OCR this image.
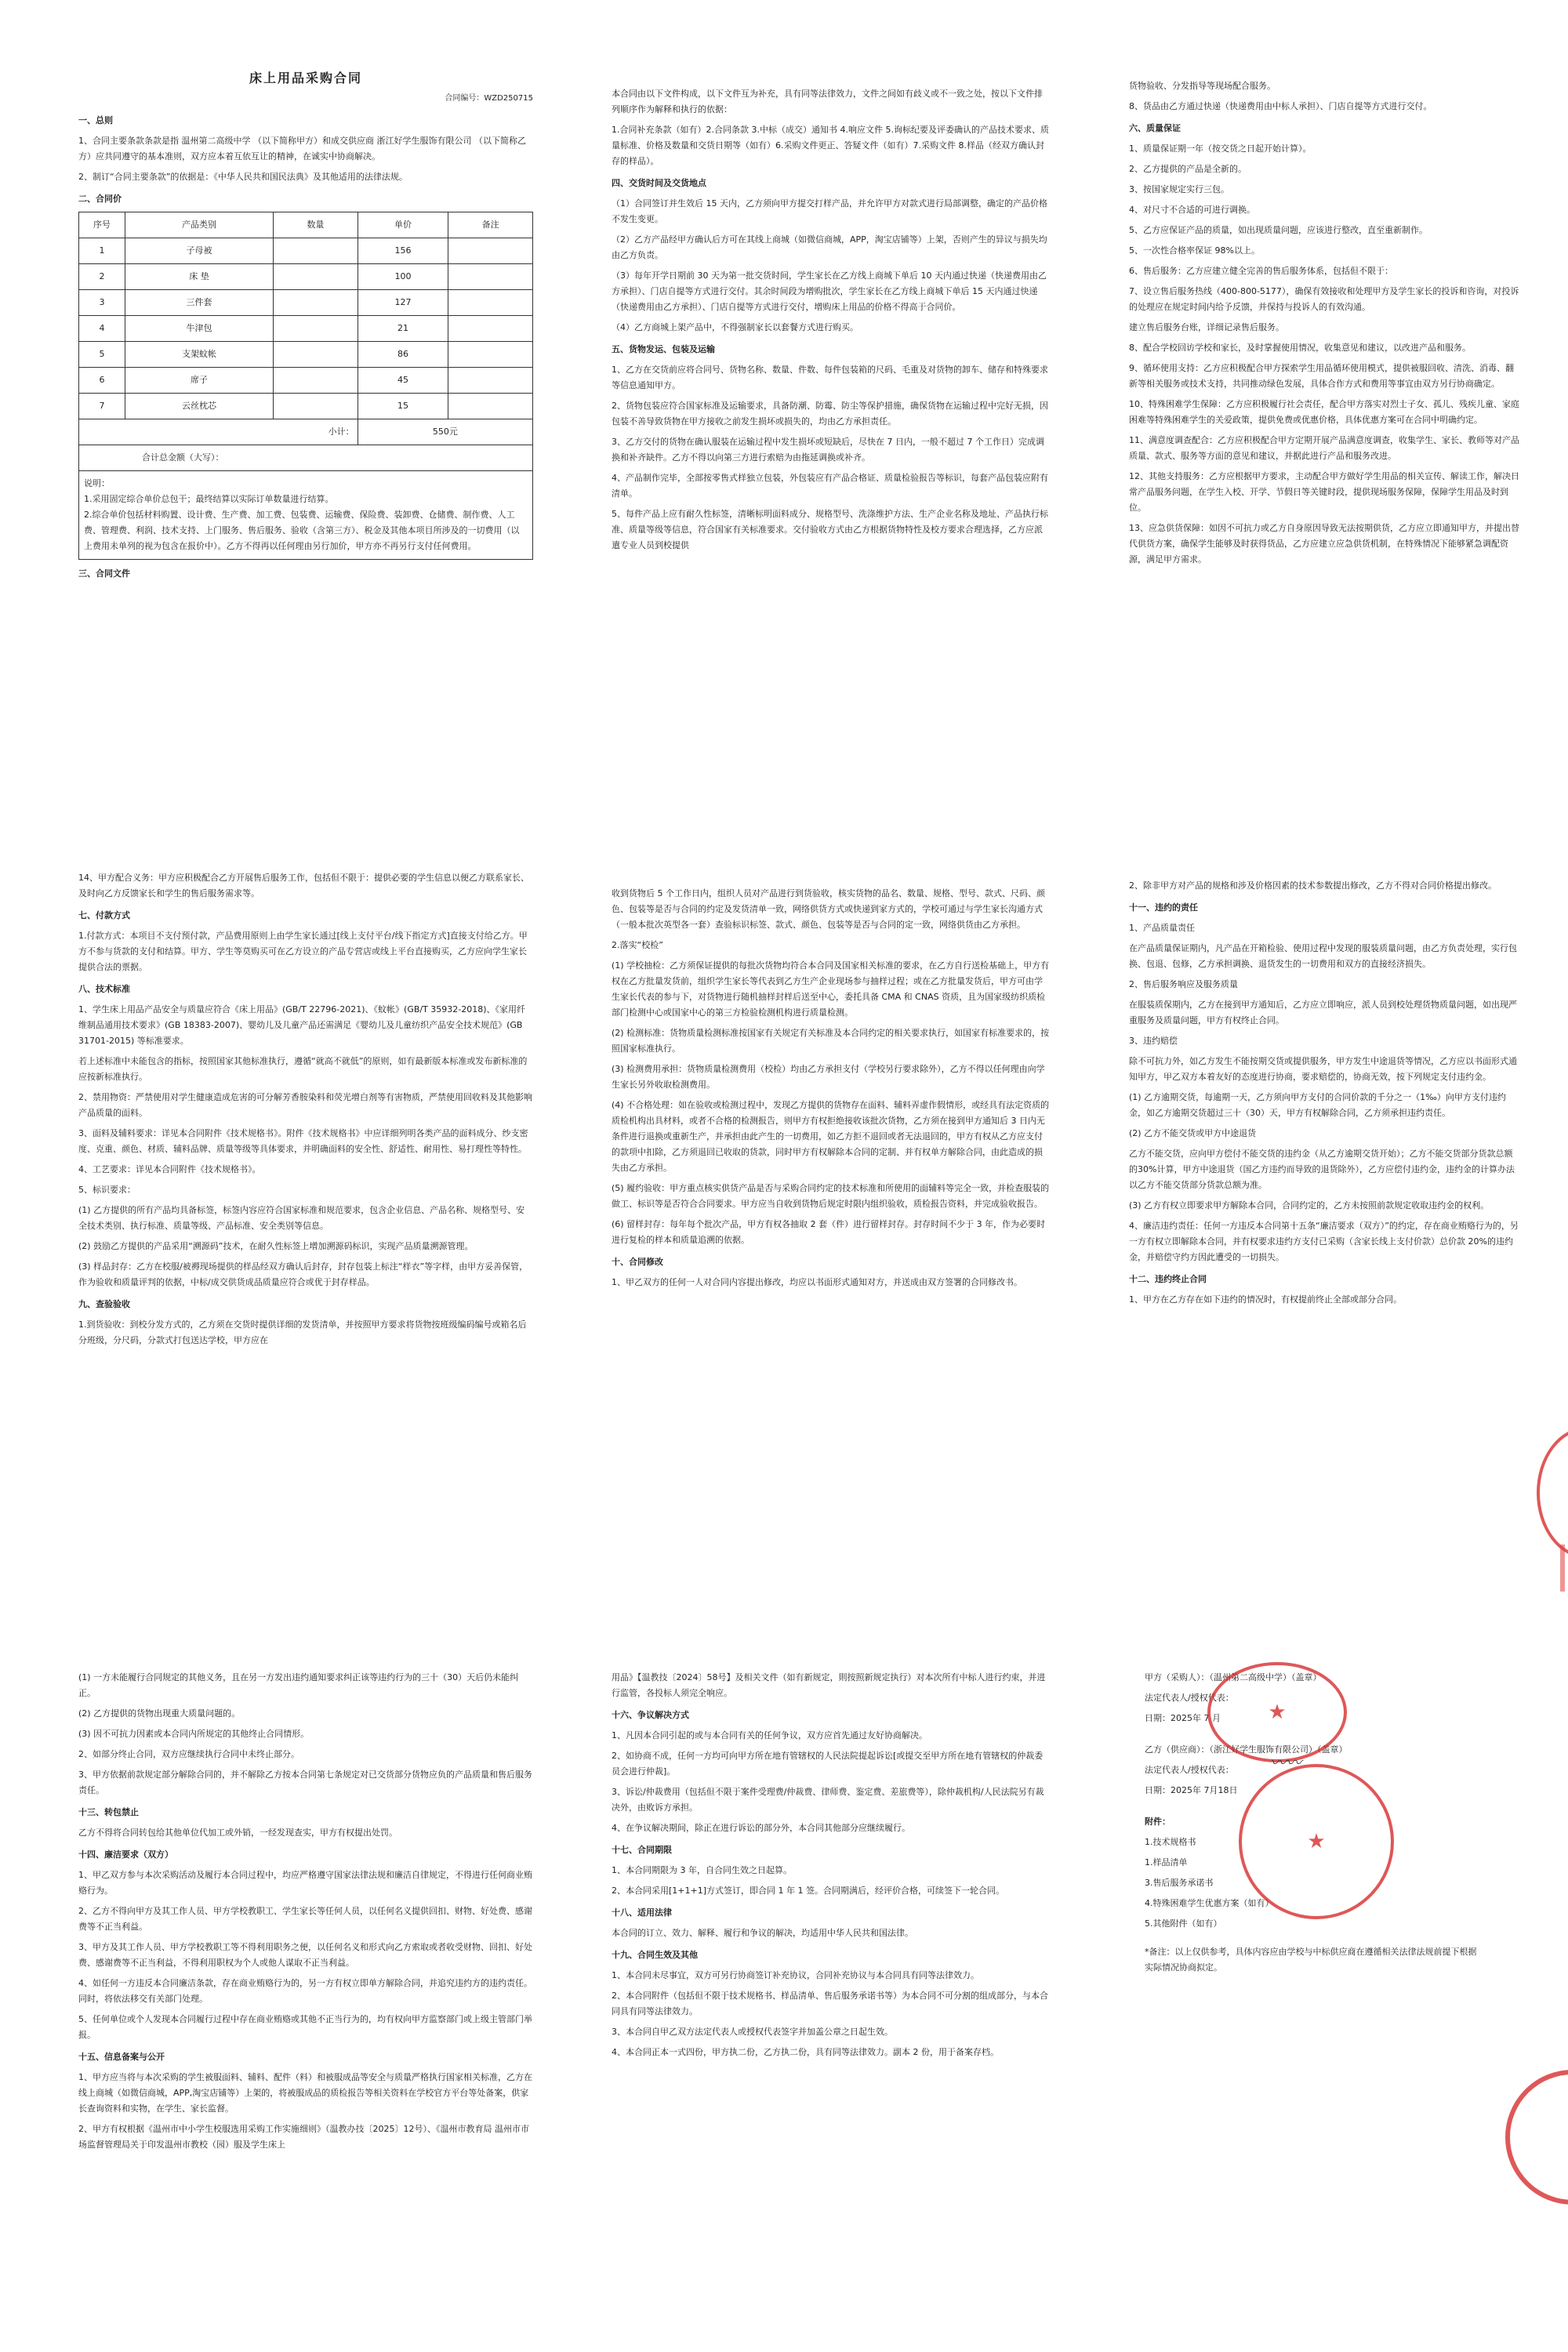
床上用品采购合同

合同编号：WZD250715

一、总则

1、合同主要条款条款是指 温州第二高级中学 （以下简称甲方）和成交供应商 浙江好学生服饰有限公司 （以下简称乙方）应共同遵守的基本准则，双方应本着互依互让的精神，在诚实中协商解决。

2、制订“合同主要条款”的依据是：《中华人民共和国民法典》及其他适用的法律法规。

二、合同价

序号	产品类别	数量	单价	备注
1	子母被		156	
2	床 垫		100	
3	三件套		127	
4	牛津包		21	
5	支架蚊帐		86	
6	席子		45	
7	云丝枕芯		15	
小计：			550元	
合计总金额（大写）：				

说明：
1.采用固定综合单价总包干；最终结算以实际订单数量进行结算。
2.综合单价包括材料购置、设计费、生产费、加工费、包装费、运输费、保险费、装卸费、仓储费、制作费、人工费、管理费、利润、技术支持、上门服务、售后服务、验收（含第三方）、税金及其他本项目所涉及的一切费用（以上费用未单列的视为包含在报价中）。乙方不得再以任何理由另行加价，甲方亦不再另行支付任何费用。				

三、合同文件

本合同由以下文件构成，以下文件互为补充，具有同等法律效力，文件之间如有歧义或不一致之处，按以下文件排列顺序作为解释和执行的依据：

1.合同补充条款（如有）2.合同条款 3.中标（成交）通知书 4.响应文件 5.询标纪要及评委确认的产品技术要求、质量标准、价格及数量和交货日期等（如有）6.采购文件更正、答疑文件（如有）7.采购文件 8.样品（经双方确认封存的样品）。

四、交货时间及交货地点

（1）合同签订并生效后 15 天内，乙方须向甲方提交打样产品，并允许甲方对款式进行局部调整，确定的产品价格不发生变更。

（2）乙方产品经甲方确认后方可在其线上商城（如微信商城，APP，淘宝店铺等）上架，否则产生的异议与损失均由乙方负责。

（3）每年开学日期前 30 天为第一批交货时间，学生家长在乙方线上商城下单后 10 天内通过快递（快递费用由乙方承担）、门店自提等方式进行交付。其余时间段为增购批次，学生家长在乙方线上商城下单后 15 天内通过快递（快递费用由乙方承担）、门店自提等方式进行交付，增购床上用品的价格不得高于合同价。

（4）乙方商城上架产品中，不得强制家长以套餐方式进行购买。

五、货物发运、包装及运输

1、乙方在交货前应将合同号、货物名称、数量、件数、每件包装箱的尺码、毛重及对货物的卸车、储存和特殊要求等信息通知甲方。

2、货物包装应符合国家标准及运输要求，具备防潮、防霉、防尘等保护措施，确保货物在运输过程中完好无损，因包装不善导致货物在甲方接收之前发生损坏或损失的，均由乙方承担责任。

3、乙方交付的货物在确认服装在运输过程中发生损坏或短缺后，尽快在 7 日内，一般不超过 7 个工作日）完成调换和补齐缺件。乙方不得以向第三方进行索赔为由拖延调换或补齐。

4、产品制作完毕，全部按零售式样独立包装，外包装应有产品合格证、质量检验报告等标识，每套产品包装应附有清单。

5、每件产品上应有耐久性标签，清晰标明面料成分、规格型号、洗涤维护方法、生产企业名称及地址、产品执行标准、质量等级等信息，符合国家有关标准要求。交付验收方式由乙方根据货物特性及校方要求合理选择，乙方应派遣专业人员到校提供

货物验收、分发指导等现场配合服务。

8、货品由乙方通过快递（快递费用由中标人承担）、门店自提等方式进行交付。

六、质量保证

1、质量保证期一年（按交货之日起开始计算）。

2、乙方提供的产品是全新的。

3、按国家规定实行三包。

4、对尺寸不合适的可进行调换。

5、乙方应保证产品的质量，如出现质量问题，应该进行整改，直至重新制作。

5、一次性合格率保证 98%以上。

6、售后服务：乙方应建立健全完善的售后服务体系，包括但不限于：

7、设立售后服务热线（400-800-5177），确保有效接收和处理甲方及学生家长的投诉和咨询，对投诉的处理应在规定时间内给予反馈，并保持与投诉人的有效沟通。

建立售后服务台账，详细记录售后服务。

8、配合学校回访学校和家长，及时掌握使用情况，收集意见和建议，以改进产品和服务。

9、循环使用支持：乙方应积极配合甲方探索学生用品循环使用模式，提供被服回收、清洗、消毒、翻新等相关服务或技术支持，共同推动绿色发展，具体合作方式和费用等事宜由双方另行协商确定。

10、特殊困难学生保障：乙方应积极履行社会责任，配合甲方落实对烈士子女、孤儿、残疾儿童、家庭困难等特殊困难学生的关爱政策，提供免费或优惠价格，具体优惠方案可在合同中明确约定。

11、满意度调查配合：乙方应积极配合甲方定期开展产品满意度调查，收集学生、家长、教师等对产品质量、款式、服务等方面的意见和建议，并据此进行产品和服务改进。

12、其他支持服务：乙方应根据甲方要求，主动配合甲方做好学生用品的相关宣传、解读工作，解决日常产品服务问题，在学生入校、开学、节假日等关键时段，提供现场服务保障，保障学生用品及时到位。

13、应急供货保障：如因不可抗力或乙方自身原因导致无法按期供货，乙方应立即通知甲方，并提出替代供货方案，确保学生能够及时获得货品，乙方应建立应急供货机制，在特殊情况下能够紧急调配资源，满足甲方需求。

14、甲方配合义务：甲方应积极配合乙方开展售后服务工作，包括但不限于：提供必要的学生信息以便乙方联系家长、及时向乙方反馈家长和学生的售后服务需求等。

七、付款方式

1.付款方式：本项目不支付预付款，产品费用原则上由学生家长通过[线上支付平台/线下指定方式]直接支付给乙方。甲方不参与货款的支付和结算。甲方、学生等莫购买可在乙方设立的产品专营店或线上平台直接购买，乙方应向学生家长提供合法的票据。

八、技术标准

1、学生床上用品产品安全与质量应符合《床上用品》(GB/T 22796-2021)、《蚊帐》(GB/T 35932-2018)、《家用纤维制品通用技术要求》(GB 18383-2007)、婴幼儿及儿童产品还需满足《婴幼儿及儿童纺织产品安全技术规范》(GB 31701-2015) 等标准要求。

若上述标准中未能包含的指标，按照国家其他标准执行，遵循“就高不就低”的原则，如有最新版本标准或发布新标准的应按新标准执行。

2、禁用物资：严禁使用对学生健康造成危害的可分解芳香胺染料和荧光增白剂等有害物质，严禁使用回收料及其他影响产品质量的面料。

3、面料及辅料要求：详见本合同附件《技术规格书》。附件《技术规格书》中应详细列明各类产品的面料成分、纱支密度、克重、颜色、材质、辅料品牌、质量等级等具体要求，并明确面料的安全性、舒适性、耐用性、易打理性等特性。

4、工艺要求：详见本合同附件《技术规格书》。

5、标识要求：

(1) 乙方提供的所有产品均具备标签，标签内容应符合国家标准和规范要求，包含企业信息、产品名称、规格型号、安全技术类别、执行标准、质量等级、产品标准、安全类别等信息。

(2) 鼓励乙方提供的产品采用“溯源码”技术，在耐久性标签上增加溯源码标识，实现产品质量溯源管理。

(3) 样品封存：乙方在校服/被褥现场提供的样品经双方确认后封存，封存包装上标注“样衣”等字样，由甲方妥善保管，作为验收和质量评判的依据，中标/成交供货成品质量应符合或优于封存样品。

九、查验验收

1.到货验收：到校分发方式的，乙方须在交货时提供详细的发货清单，并按照甲方要求将货物按班级编码编号或箱名后分班级，分尺码，分款式打包送达学校，甲方应在

收到货物后 5 个工作日内，组织人员对产品进行到货验收，核实货物的品名、数量、规格、型号、款式、尺码、颜色、包装等是否与合同的约定及发货清单一致，网络供货方式或快递到家方式的，学校可通过与学生家长沟通方式（一般本批次英型各一套）查验标识标签、款式、颜色、包装等是否与合同的定一致，网络供货由乙方承担。

2.落实“校检”

(1) 学校抽检：乙方须保证提供的每批次货物均符合本合同及国家相关标准的要求，在乙方自行送检基础上，甲方有权在乙方批量发货前，组织学生家长等代表到乙方生产企业现场参与抽样过程；或在乙方批量发货后，甲方可由学生家长代表的参与下，对货物进行随机抽样封样后送至中心，委托具备 CMA 和 CNAS 资质，且为国家级纺织质检部门检测中心或国家中心的第三方检验检测机构进行质量检测。

(2) 检测标准：货物质量检测标准按国家有关规定有关标准及本合同约定的相关要求执行，如国家有标准要求的，按照国家标准执行。

(3) 检测费用承担：货物质量检测费用（校检）均由乙方承担支付（学校另行要求除外），乙方不得以任何理由向学生家长另外收取检测费用。

(4) 不合格处理：如在验收或检测过程中，发现乙方提供的货物存在面料、辅料弄虚作假情形，或经具有法定资质的质检机构出具材料，或者不合格的检测报告，则甲方有权拒绝接收该批次货物，乙方须在接到甲方通知后 3 日内无条件进行退换或重新生产，并承担由此产生的一切费用，如乙方拒不退回或者无法退回的，甲方有权从乙方应支付的款项中扣除，乙方须退回已收取的货款，同时甲方有权解除本合同的定制、并有权单方解除合同，由此造成的损失由乙方承担。

(5) 履约验收：甲方重点核实供货产品是否与采购合同约定的技术标准和所使用的面辅料等完全一致，并检查服装的做工、标识等是否符合合同要求。甲方应当自收到货物后规定时限内组织验收，质检报告资料，并完成验收报告。

(6) 留样封存：每年每个批次产品，甲方有权各抽取 2 套（件）进行留样封存。封存时间不少于 3 年，作为必要时进行复检的样本和质量追溯的依据。

十、合同修改

1、甲乙双方的任何一人对合同内容提出修改，均应以书面形式通知对方，并送成由双方签署的合同修改书。

2、除非甲方对产品的规格和涉及价格因素的技术参数提出修改，乙方不得对合同价格提出修改。

十一、违约的责任

1、产品质量责任

在产品质量保证期内，凡产品在开箱检验、使用过程中发现的服装质量问题，由乙方负责处理，实行包换、包退、包修，乙方承担调换、退货发生的一切费用和双方的直接经济损失。

2、售后服务响应及服务质量

在服装质保期内，乙方在接到甲方通知后，乙方应立即响应，派人员到校处理货物质量问题，如出现严重服务及质量问题，甲方有权终止合同。

3、违约赔偿

除不可抗力外，如乙方发生不能按期交货或提供服务，甲方发生中途退货等情况，乙方应以书面形式通知甲方，甲乙双方本着友好的态度进行协商，要求赔偿的，协商无效，按下列规定支付违约金。

(1) 乙方逾期交货，每逾期一天，乙方须向甲方支付的合同价款的千分之一（1‰）向甲方支付违约金，如乙方逾期交货超过三十（30）天，甲方有权解除合同，乙方须承担违约责任。

(2) 乙方不能交货或甲方中途退货

乙方不能交货，应向甲方偿付不能交货的违约金（从乙方逾期交货开始）；乙方不能交货部分货款总额的30%计算，甲方中途退货（国乙方违约而导致的退货除外），乙方应偿付违约金，违约金的计算办法以乙方不能交货部分货款总额为准。

(3) 乙方有权立即要求甲方解除本合同，合同约定的，乙方未按照前款规定收取违约金的权利。

4、廉洁违约责任：任何一方违反本合同第十五条“廉洁要求（双方）”的约定，存在商业贿赂行为的，另一方有权立即解除本合同，并有权要求违约方支付已采购（含家长线上支付价款）总价款 20%的违约金，并赔偿守约方因此遭受的一切损失。

十二、违约终止合同

1、甲方在乙方存在如下违约的情况时，有权提前终止全部或部分合同。

(1) 一方未能履行合同规定的其他义务，且在另一方发出违约通知要求纠正该等违约行为的三十（30）天后仍未能纠正。

(2) 乙方提供的货物出现重大质量问题的。

(3) 因不可抗力因素或本合同内所规定的其他终止合同情形。

2、如部分终止合同，双方应继续执行合同中未终止部分。

3、甲方依据前款规定部分解除合同的，并不解除乙方按本合同第七条规定对已交货部分货物应负的产品质量和售后服务责任。

十三、转包禁止

乙方不得将合同转包给其他单位代加工或外销，一经发现查实，甲方有权提出处罚。

十四、廉洁要求（双方）

1、甲乙双方参与本次采购活动及履行本合同过程中，均应严格遵守国家法律法规和廉洁自律规定，不得进行任何商业贿赂行为。

2、乙方不得向甲方及其工作人员、甲方学校教职工、学生家长等任何人员，以任何名义提供回扣、财物、好处费、感谢费等不正当利益。

3、甲方及其工作人员、甲方学校教职工等不得利用职务之便，以任何名义和形式向乙方索取或者收受财物、回扣、好处费、感谢费等不正当利益，不得利用职权为个人或他人谋取不正当利益。

4、如任何一方违反本合同廉洁条款，存在商业贿赂行为的，另一方有权立即单方解除合同，并追究违约方的违约责任。同时，将依法移交有关部门处理。

5、任何单位或个人发现本合同履行过程中存在商业贿赂或其他不正当行为的，均有权向甲方监察部门或上级主管部门举报。

十五、信息备案与公开

1、甲方应当将与本次采购的学生被服面料、辅料、配件（料）和被服成品等安全与质量严格执行国家相关标准，乙方在线上商城（如微信商城，APP,淘宝店铺等）上架的，将被服成品的质检报告等相关资料在学校官方平台等处备案，供家长查询资料和实物，在学生、家长监督。

2、甲方有权根据《温州市中小学生校服选用采购工作实施细则》（温教办技〔2025〕12号）、《温州市教育局 温州市市场监督管理局关于印发温州市教校（园）服及学生床上

用品》【温教技〔2024〕58号】及相关文件（如有新规定，則按照新规定执行）对本次所有中标人进行约束，并进行监管，各投标人须完全响应。

十六、争议解决方式

1、凡因本合同引起的或与本合同有关的任何争议，双方应首先通过友好协商解决。

2、如协商不成，任何一方均可向甲方所在地有管辖权的人民法院提起诉讼[或提交至甲方所在地有管辖权的仲裁委员会进行仲裁]。

3、诉讼/仲裁费用（包括但不限于案件受理费/仲裁费、律师费、鉴定费、差旅费等），除仲裁机构/人民法院另有裁决外，由败诉方承担。

4、在争议解决期间，除正在进行诉讼的部分外，本合同其他部分应继续履行。

十七、合同期限

1、本合同期限为 3 年，自合同生效之日起算。

2、本合同采用[1+1+1]方式签订，即合同 1 年 1 签。合同期满后，经评价合格，可续签下一轮合同。

十八、适用法律

本合同的订立、效力、解释、履行和争议的解决，均适用中华人民共和国法律。

十九、合同生效及其他

1、本合同未尽事宜，双方可另行协商签订补充协议，合同补充协议与本合同具有同等法律效力。

2、本合同附件（包括但不限于技术规格书、样品清单、售后服务承诺书等）为本合同不可分割的组成部分，与本合同具有同等法律效力。

3、本合同自甲乙双方法定代表人或授权代表签字并加盖公章之日起生效。

4、本合同正本一式四份，甲方执二份，乙方执二份，具有同等法律效力。副本 2 份，用于备案存档。

甲方（采购人）：（温州第二高级中学）（盖章）

法定代表人/授权代表：

日期：2025年 7 月

乙方（供应商）：（浙江好学生服饰有限公司）（盖章）

法定代表人/授权代表：

日期：2025年 7月18日

附件：

1.技术规格书

1.样品清单

3.售后服务承诺书

4.特殊困难学生优惠方案（如有）

5.其他附件（如有）

*备注：以上仅供参考，具体内容应由学校与中标供应商在遵循相关法律法规前提下根据实际情况协商拟定。

★
★
〰〰
